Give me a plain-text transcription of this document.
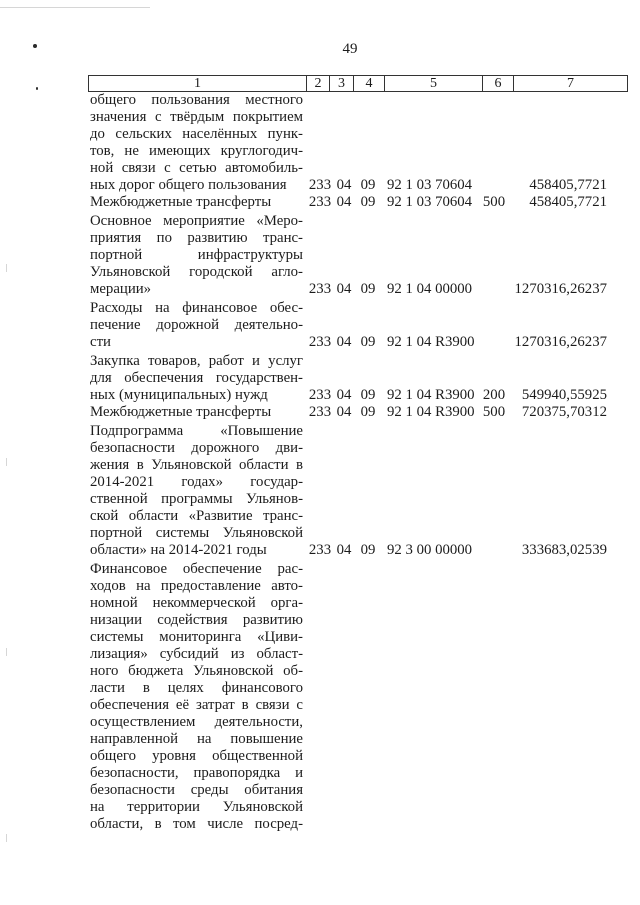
49
1	2	3	4	5	6	7
общего пользования местного
значения с твёрдым покрытием
до сельских населённых пунк-
тов, не имеющих круглогодич-
ной связи с сетью автомобиль-
ных дорог общего пользования	233 04 09 92 1 03 70604	458405,7721
Межбюджетные трансферты	233 04 09 92 1 03 70604 500 458405,7721
Основное мероприятие «Меро-
приятия по развитию транс-
портной инфраструктуры
Ульяновской городской агло-
мерации»	233 04 09 92 1 04 00000	1270316,26237
Расходы на финансовое обес-
печение дорожной деятельно-
сти	233 04 09 92 1 04 R3900	1270316,26237
Закупка товаров, работ и услуг
для обеспечения государствен-
ных (муниципальных) нужд	233 04 09 92 1 04 R3900 200 549940,55925
Межбюджетные трансферты	233 04 09 92 1 04 R3900 500 720375,70312
Подпрограмма «Повышение
безопасности дорожного дви-
жения в Ульяновской области в
2014-2021 годах» государ-
ственной программы Ульянов-
ской области «Развитие транс-
портной системы Ульяновской
области» на 2014-2021 годы	233 04 09 92 3 00 00000	333683,02539
Финансовое обеспечение рас-
ходов на предоставление авто-
номной некоммерческой орга-
низации содействия развитию
системы мониторинга «Циви-
лизация» субсидий из област-
ного бюджета Ульяновской об-
ласти в целях финансового
обеспечения её затрат в связи с
осуществлением деятельности,
направленной на повышение
общего уровня общественной
безопасности, правопорядка и
безопасности среды обитания
на территории Ульяновской
области, в том числе посред-
